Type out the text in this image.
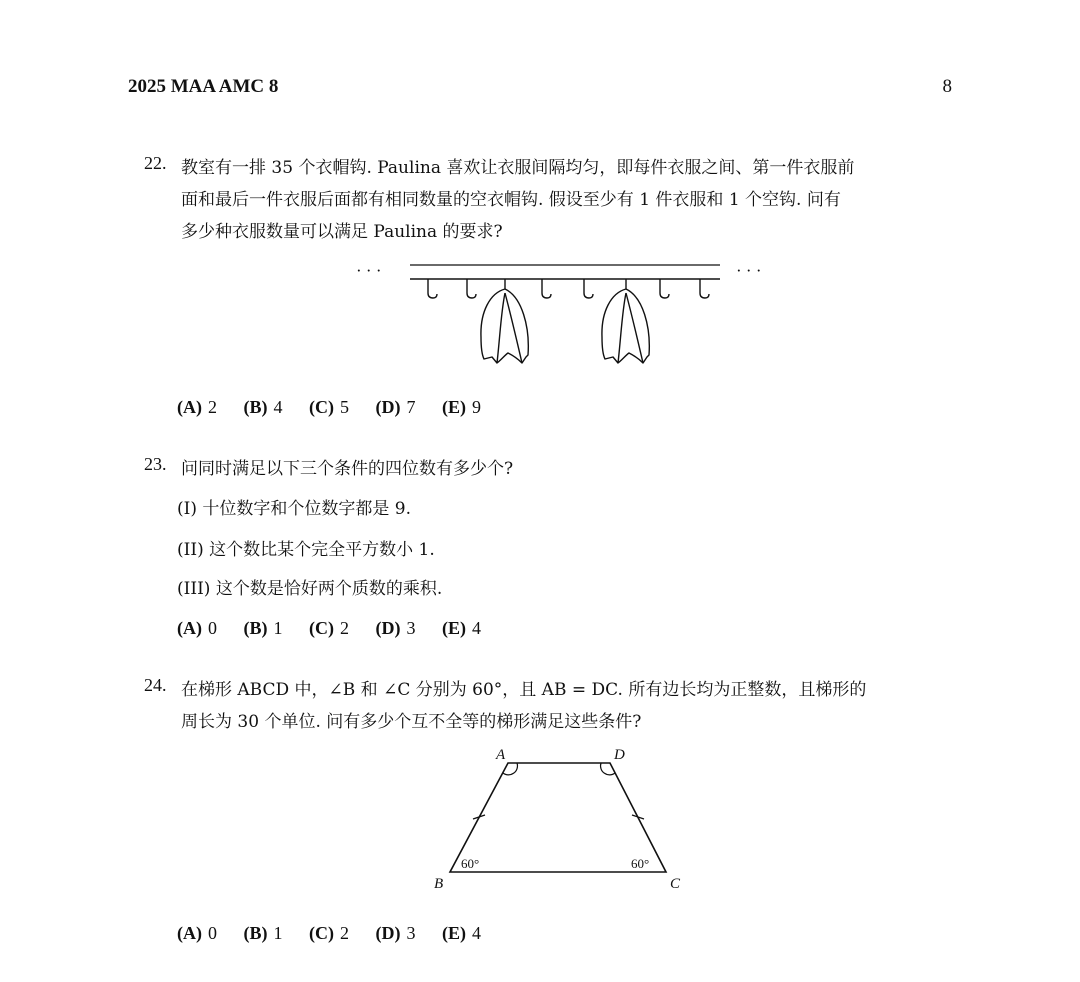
2025 MAA AMC 8	8
22. 教室有一排 35 个衣帽钩. Paulina 喜欢让衣服间隔均匀，即每件衣服之间、第一件衣服前
面和最后一件衣服后面都有相同数量的空衣帽钩. 假设至少有 1 件衣服和 1 个空钩. 问有
多少种衣服数量可以满足 Paulina 的要求?
· · ·	· · ·
(A) 2 (B) 4 (C) 5 (D) 7 (E) 9
23. 问同时满足以下三个条件的四位数有多少个?
(I) 十位数字和个位数字都是 9.
(II) 这个数比某个完全平方数小 1.
(III) 这个数是恰好两个质数的乘积.
(A) 0 (B) 1 (C) 2 (D) 3 (E) 4
24. 在梯形 ABCD 中，∠B 和 ∠C 分别为 60°，且 AB = DC. 所有边长均为正整数，且梯形的
周长为 30 个单位. 问有多少个互不全等的梯形满足这些条件?
A	D
B	C
60°	60°
(A) 0 (B) 1 (C) 2 (D) 3 (E) 4
